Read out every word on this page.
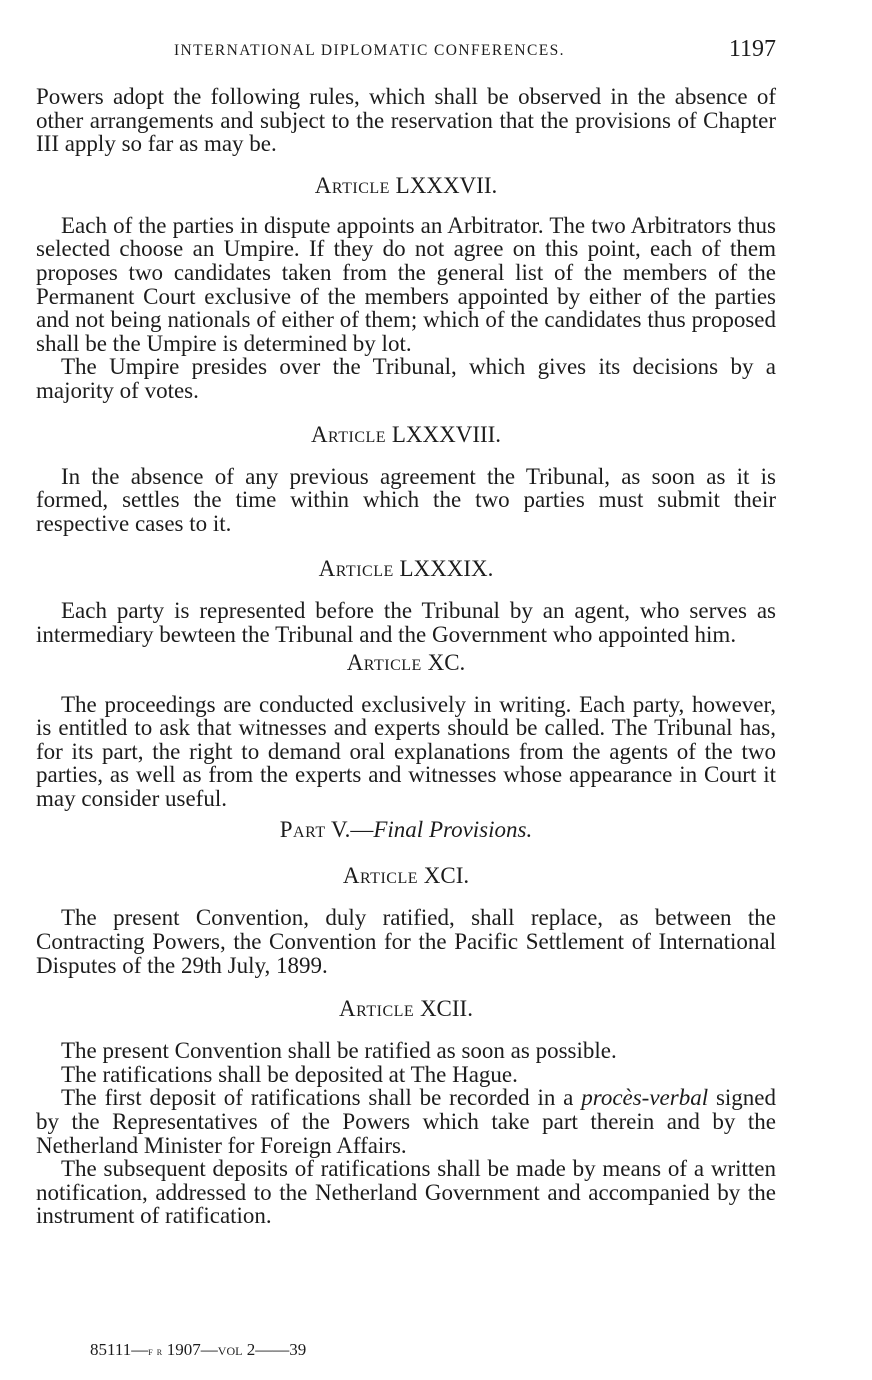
INTERNATIONAL DIPLOMATIC CONFERENCES.	1197

Powers adopt the following rules, which shall be observed in the absence of other arrangements and subject to the reservation that the provisions of Chapter III apply so far as may be.

Article LXXXVII.

Each of the parties in dispute appoints an Arbitrator. The two Arbitrators thus selected choose an Umpire. If they do not agree on this point, each of them proposes two candidates taken from the general list of the members of the Permanent Court exclusive of the members appointed by either of the parties and not being nationals of either of them; which of the candidates thus proposed shall be the Umpire is determined by lot.

The Umpire presides over the Tribunal, which gives its decisions by a majority of votes.

Article LXXXVIII.

In the absence of any previous agreement the Tribunal, as soon as it is formed, settles the time within which the two parties must submit their respective cases to it.

Article LXXXIX.

Each party is represented before the Tribunal by an agent, who serves as intermediary bewteen the Tribunal and the Government who appointed him.

Article XC.

The proceedings are conducted exclusively in writing. Each party, however, is entitled to ask that witnesses and experts should be called. The Tribunal has, for its part, the right to demand oral explanations from the agents of the two parties, as well as from the experts and witnesses whose appearance in Court it may consider useful.

Part V.—Final Provisions.
Article XCI.

The present Convention, duly ratified, shall replace, as between the Contracting Powers, the Convention for the Pacific Settlement of International Disputes of the 29th July, 1899.

Article XCII.

The present Convention shall be ratified as soon as possible.

The ratifications shall be deposited at The Hague.

The first deposit of ratifications shall be recorded in a procès-verbal signed by the Representatives of the Powers which take part therein and by the Netherland Minister for Foreign Affairs.

The subsequent deposits of ratifications shall be made by means of a written notification, addressed to the Netherland Government and accompanied by the instrument of ratification.

85111—f r 1907—vol 2——39
